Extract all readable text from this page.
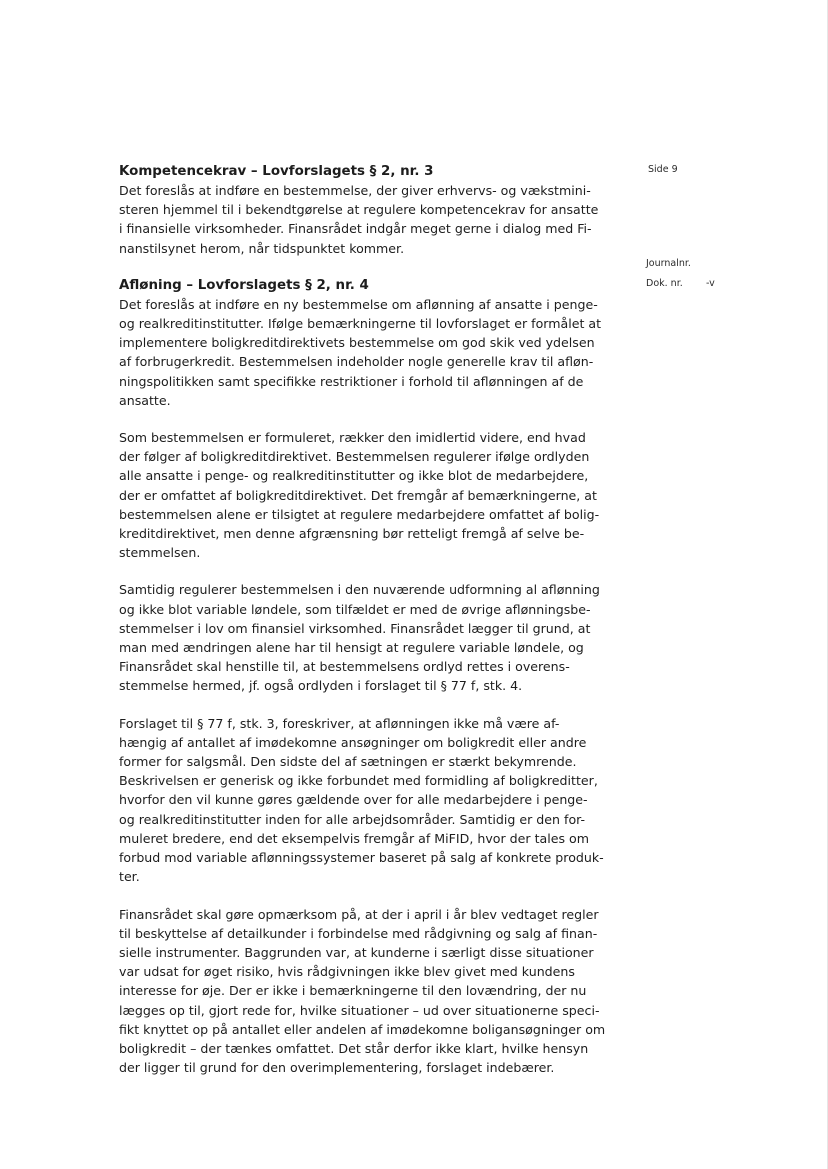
Side 9
Journalnr.
Dok. nr. -v
Kompetencekrav – Lovforslagets § 2, nr. 3
Det foreslås at indføre en bestemmelse, der giver erhvervs- og vækstmini-
steren hjemmel til i bekendtgørelse at regulere kompetencekrav for ansatte
i finansielle virksomheder. Finansrådet indgår meget gerne i dialog med Fi-
nanstilsynet herom, når tidspunktet kommer.
Afløning – Lovforslagets § 2, nr. 4
Det foreslås at indføre en ny bestemmelse om aflønning af ansatte i penge-
og realkreditinstitutter. Ifølge bemærkningerne til lovforslaget er formålet at
implementere boligkreditdirektivets bestemmelse om god skik ved ydelsen
af forbrugerkredit. Bestemmelsen indeholder nogle generelle krav til afløn-
ningspolitikken samt specifikke restriktioner i forhold til aflønningen af de
ansatte.
Som bestemmelsen er formuleret, rækker den imidlertid videre, end hvad
der følger af boligkreditdirektivet. Bestemmelsen regulerer ifølge ordlyden
alle ansatte i penge- og realkreditinstitutter og ikke blot de medarbejdere,
der er omfattet af boligkreditdirektivet. Det fremgår af bemærkningerne, at
bestemmelsen alene er tilsigtet at regulere medarbejdere omfattet af bolig-
kreditdirektivet, men denne afgrænsning bør retteligt fremgå af selve be-
stemmelsen.
Samtidig regulerer bestemmelsen i den nuværende udformning al aflønning
og ikke blot variable løndele, som tilfældet er med de øvrige aflønningsbe-
stemmelser i lov om finansiel virksomhed. Finansrådet lægger til grund, at
man med ændringen alene har til hensigt at regulere variable løndele, og
Finansrådet skal henstille til, at bestemmelsens ordlyd rettes i overens-
stemmelse hermed, jf. også ordlyden i forslaget til § 77 f, stk. 4.
Forslaget til § 77 f, stk. 3, foreskriver, at aflønningen ikke må være af-
hængig af antallet af imødekomne ansøgninger om boligkredit eller andre
former for salgsmål. Den sidste del af sætningen er stærkt bekymrende.
Beskrivelsen er generisk og ikke forbundet med formidling af boligkreditter,
hvorfor den vil kunne gøres gældende over for alle medarbejdere i penge-
og realkreditinstitutter inden for alle arbejdsområder. Samtidig er den for-
muleret bredere, end det eksempelvis fremgår af MiFID, hvor der tales om
forbud mod variable aflønningssystemer baseret på salg af konkrete produk-
ter.
Finansrådet skal gøre opmærksom på, at der i april i år blev vedtaget regler
til beskyttelse af detailkunder i forbindelse med rådgivning og salg af finan-
sielle instrumenter. Baggrunden var, at kunderne i særligt disse situationer
var udsat for øget risiko, hvis rådgivningen ikke blev givet med kundens
interesse for øje. Der er ikke i bemærkningerne til den lovændring, der nu
lægges op til, gjort rede for, hvilke situationer – ud over situationerne speci-
fikt knyttet op på antallet eller andelen af imødekomne boligansøgninger om
boligkredit – der tænkes omfattet. Det står derfor ikke klart, hvilke hensyn
der ligger til grund for den overimplementering, forslaget indebærer.
